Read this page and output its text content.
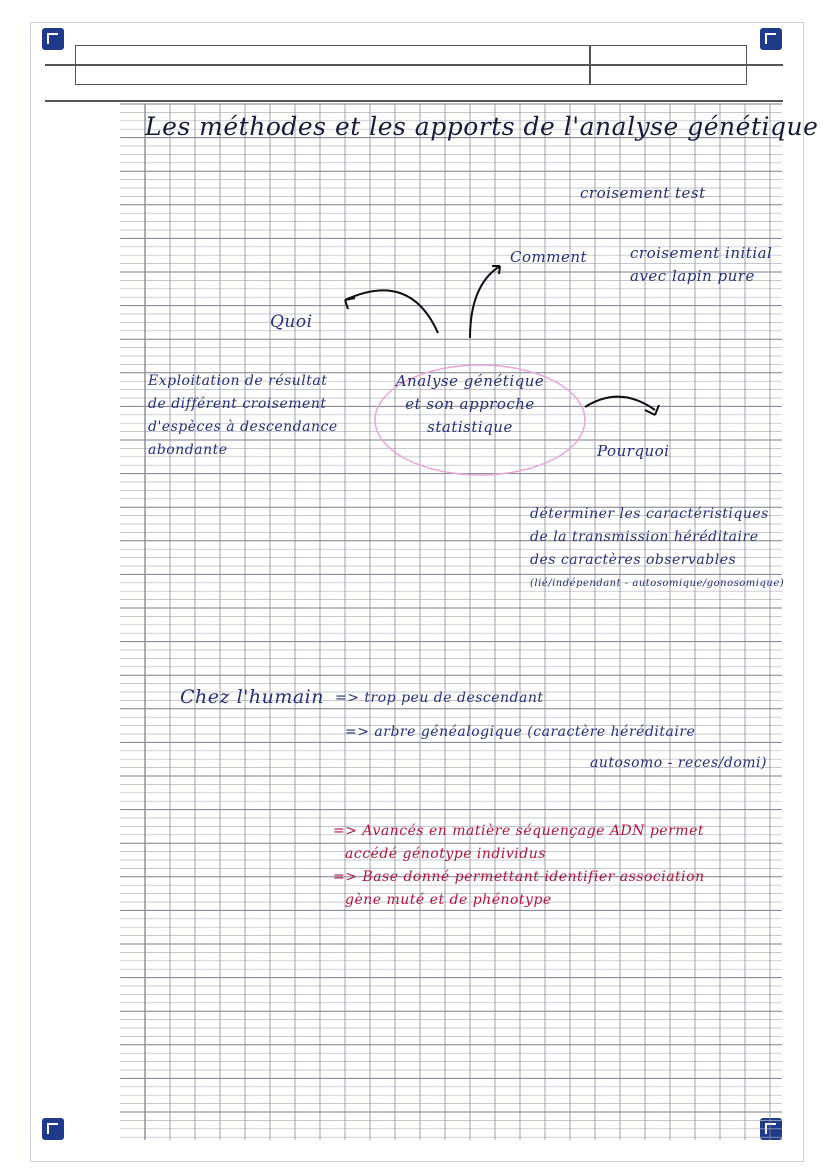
Les méthodes et les apports de l'analyse génétique
croisement test
Comment	croisement initial
avec lapin pure
Quoi
Exploitation de résultat
de différent croisement
d'espèces à descendance
abondante
Analyse génétique
et son approche
statistique
Pourquoi
déterminer les caractéristiques
de la transmission héréditaire
des caractères observables
(lié/indépendant - autosomique/gonosomique)
Chez l'humain => trop peu de descendant
=> arbre généalogique (caractère héréditaire
autosomo - reces/domi)
=> Avancés en matière séquençage ADN permet
accédé génotype individus
=> Base donné permettant identifier association
gène muté et de phénotype
